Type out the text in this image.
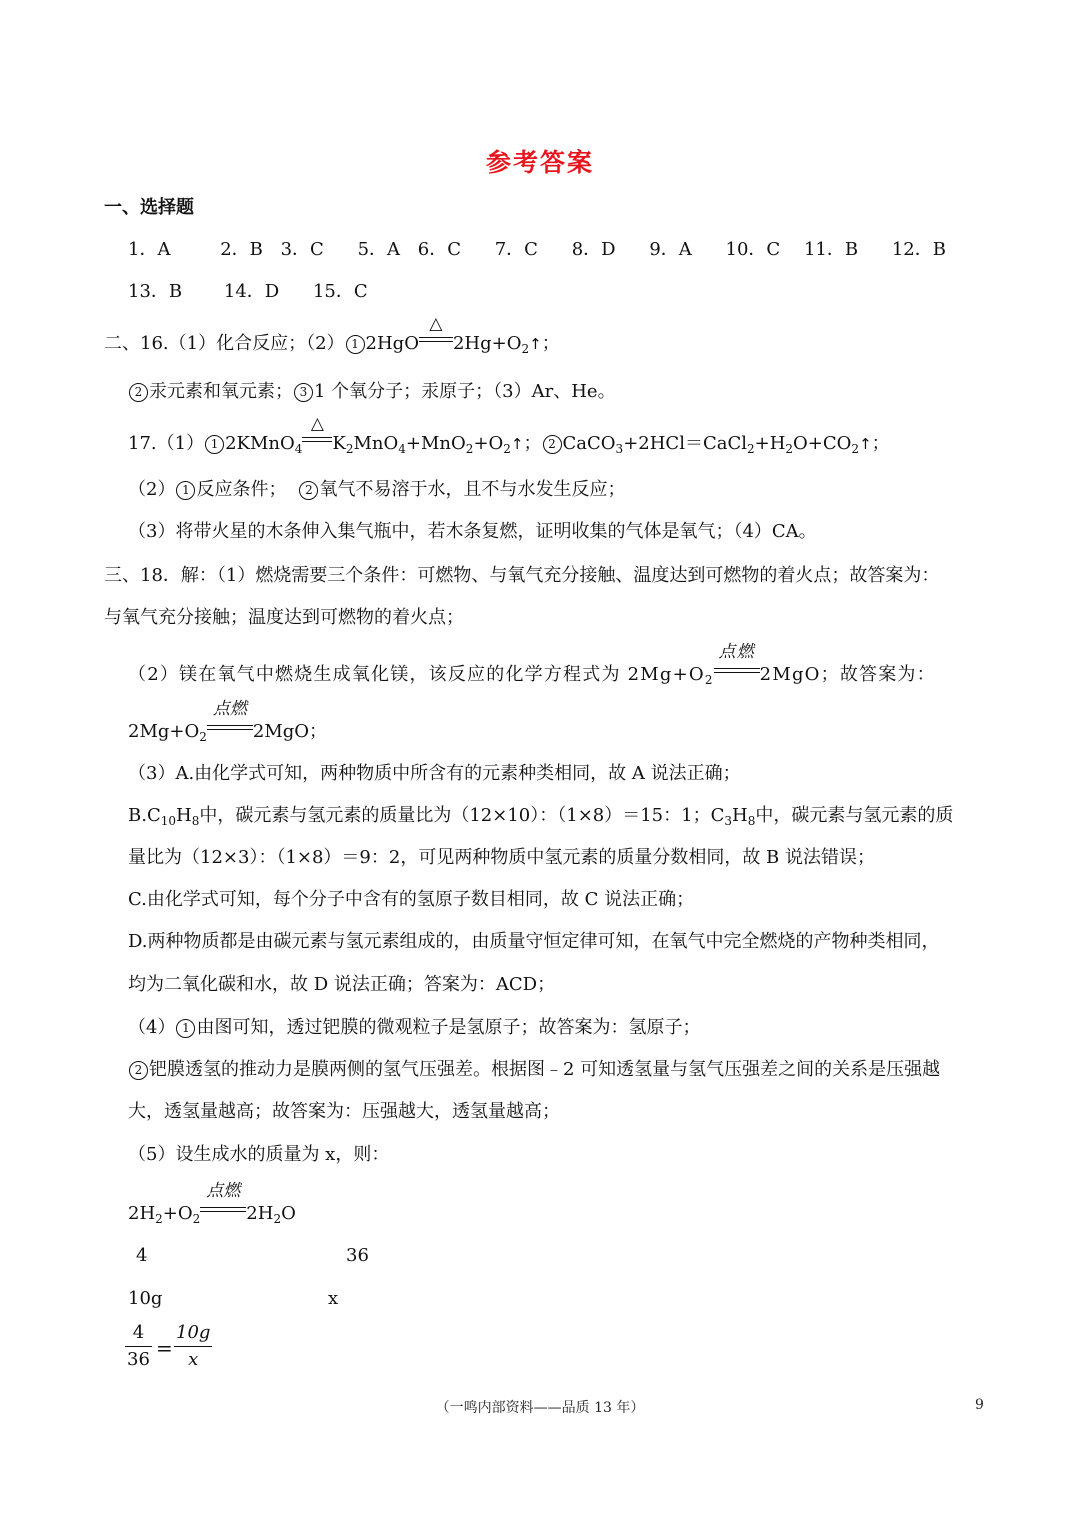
参考答案
一、选择题
1．A	2．B 3．C 5．A 6．C 7．C 8．D 9．A 10．C 11．B 12．B
13．B 14．D 15．C
二、16.（1）化合反应；（2） 1 2HgO
△
$2Hg+O_2↑$；
2 汞元素和氧元素； 3 1 个氧分子；汞原子；（3）Ar、He。
17.（1） 1 2KMnO$_4$
△
$K_2MnO_4+MnO_2+O_2↑$； 2 $CaCO_3+2HCl=CaCl_2+H_2O+CO_2↑$；
（2） 1 反应条件； 2 氧气不易溶于水，且不与水发生反应；
（3）将带火星的木条伸入集气瓶中，若木条复燃，证明收集的气体是氧气；（4）CA。
三、18．解：（1）燃烧需要三个条件：可燃物、与氧气充分接触、温度达到可燃物的着火点；故答案为：
与氧气充分接触；温度达到可燃物的着火点；
（2）镁在氧气中燃烧生成氧化镁，该反应的化学方程式为 $2Mg+O_2$
点燃
2MgO；故答案为：
$2Mg+O_2$
点燃
2MgO；
（3）A.由化学式可知，两种物质中所含有的元素种类相同，故 A 说法正确；
$B.C_{10}H_8$中，碳元素与氢元素的质量比为（12×10）：（1×8）＝15：1；$C_3H_8$中，碳元素与氢元素的质
量比为（12×3）：（1×8）＝9：2，可见两种物质中氢元素的质量分数相同，故 B 说法错误；
C.由化学式可知，每个分子中含有的氢原子数目相同，故 C 说法正确；
D.两种物质都是由碳元素与氢元素组成的，由质量守恒定律可知，在氧气中完全燃烧的产物种类相同，
均为二氧化碳和水，故 D 说法正确；答案为：ACD；
（4） 1 由图可知，透过钯膜的微观粒子是氢原子；故答案为：氢原子；
2 钯膜透氢的推动力是膜两侧的氢气压强差。根据图﹣2 可知透氢量与氢气压强差之间的关系是压强越
大，透氢量越高；故答案为：压强越大，透氢量越高；
（5）设生成水的质量为 x，则：
$2H_2+O_2$
点燃
$2H_2O$
4	36
10g	x
$\frac{4}{36} = \frac{10g}{x}$
（一鸣内部资料——品质 13 年）	9
